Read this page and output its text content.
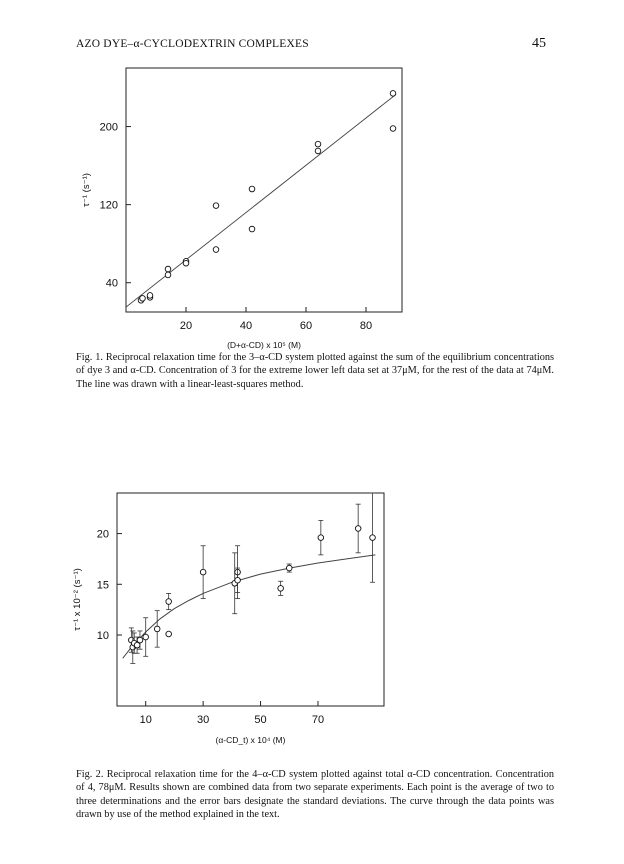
AZO DYE–α-CYCLODEXTRIN COMPLEXES	45
20	40	60	80
40
120
200
(D+α-CD) x 10⁵ (M)
τ⁻¹ (s⁻¹)
Fig. 1. Reciprocal relaxation time for the 3–α-CD system plotted against the sum of the equilibrium concentrations of dye 3 and α-CD. Concentration of 3 for the extreme lower left data set at 37μM, for the rest of the data at 74μM. The line was drawn with a linear-least-squares method.
10	30	50	70
10
15
20
(α-CD_t) x 10⁴ (M)
τ⁻¹ x 10⁻² (s⁻¹)
Fig. 2. Reciprocal relaxation time for the 4–α-CD system plotted against total α-CD concentration. Concentration of 4, 78μM. Results shown are combined data from two separate experiments. Each point is the average of two to three determinations and the error bars designate the standard deviations. The curve through the data points was drawn by use of the method explained in the text.
